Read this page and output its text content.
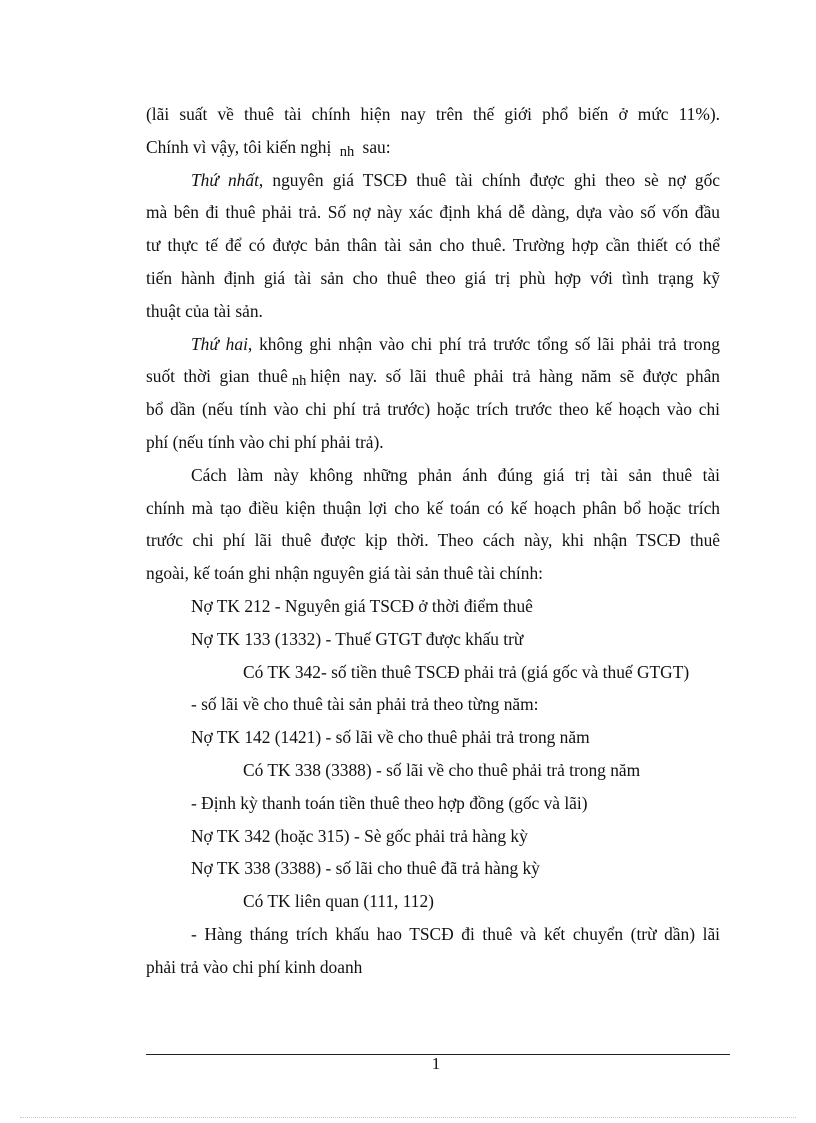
(lãi suất về thuê tài chính hiện nay trên thế giới phổ biến ở mức 11%).
Chính vì vậy, tôi kiến nghị nh sau:
Thứ nhất, nguyên giá TSCĐ thuê tài chính được ghi theo sè nợ gốc
mà bên đi thuê phải trả. Số nợ này xác định khá dễ dàng, dựa vào số vốn đầu
tư thực tế để có được bản thân tài sản cho thuê. Trường hợp cần thiết có thể
tiến hành định giá tài sản cho thuê theo giá trị phù hợp với tình trạng kỹ
thuật của tài sản.
Thứ hai, không ghi nhận vào chi phí trả trước tổng số lãi phải trả trong
suốt thời gian thuê nh hiện nay. số lãi thuê phải trả hàng năm sẽ được phân
bổ dần (nếu tính vào chi phí trả trước) hoặc trích trước theo kế hoạch vào chi
phí (nếu tính vào chi phí phải trả).
Cách làm này không những phản ánh đúng giá trị tài sản thuê tài
chính mà tạo điều kiện thuận lợi cho kế toán có kế hoạch phân bổ hoặc trích
trước chi phí lãi thuê được kịp thời. Theo cách này, khi nhận TSCĐ thuê
ngoài, kế toán ghi nhận nguyên giá tài sản thuê tài chính:
Nợ TK 212 - Nguyên giá TSCĐ ở thời điểm thuê
Nợ TK 133 (1332) - Thuế GTGT được khấu trừ
Có TK 342- số tiền thuê TSCĐ phải trả (giá gốc và thuế GTGT)
- số lãi về cho thuê tài sản phải trả theo từng năm:
Nợ TK 142 (1421) - số lãi về cho thuê phải trả trong năm
Có TK 338 (3388) - số lãi về cho thuê phải trả trong năm
- Định kỳ thanh toán tiền thuê theo hợp đồng (gốc và lãi)
Nợ TK 342 (hoặc 315) - Sè gốc phải trả hàng kỳ
Nợ TK 338 (3388) - số lãi cho thuê đã trả hàng kỳ
Có TK liên quan (111, 112)
- Hàng tháng trích khấu hao TSCĐ đi thuê và kết chuyển (trừ dần) lãi
phải trả vào chi phí kinh doanh
1
